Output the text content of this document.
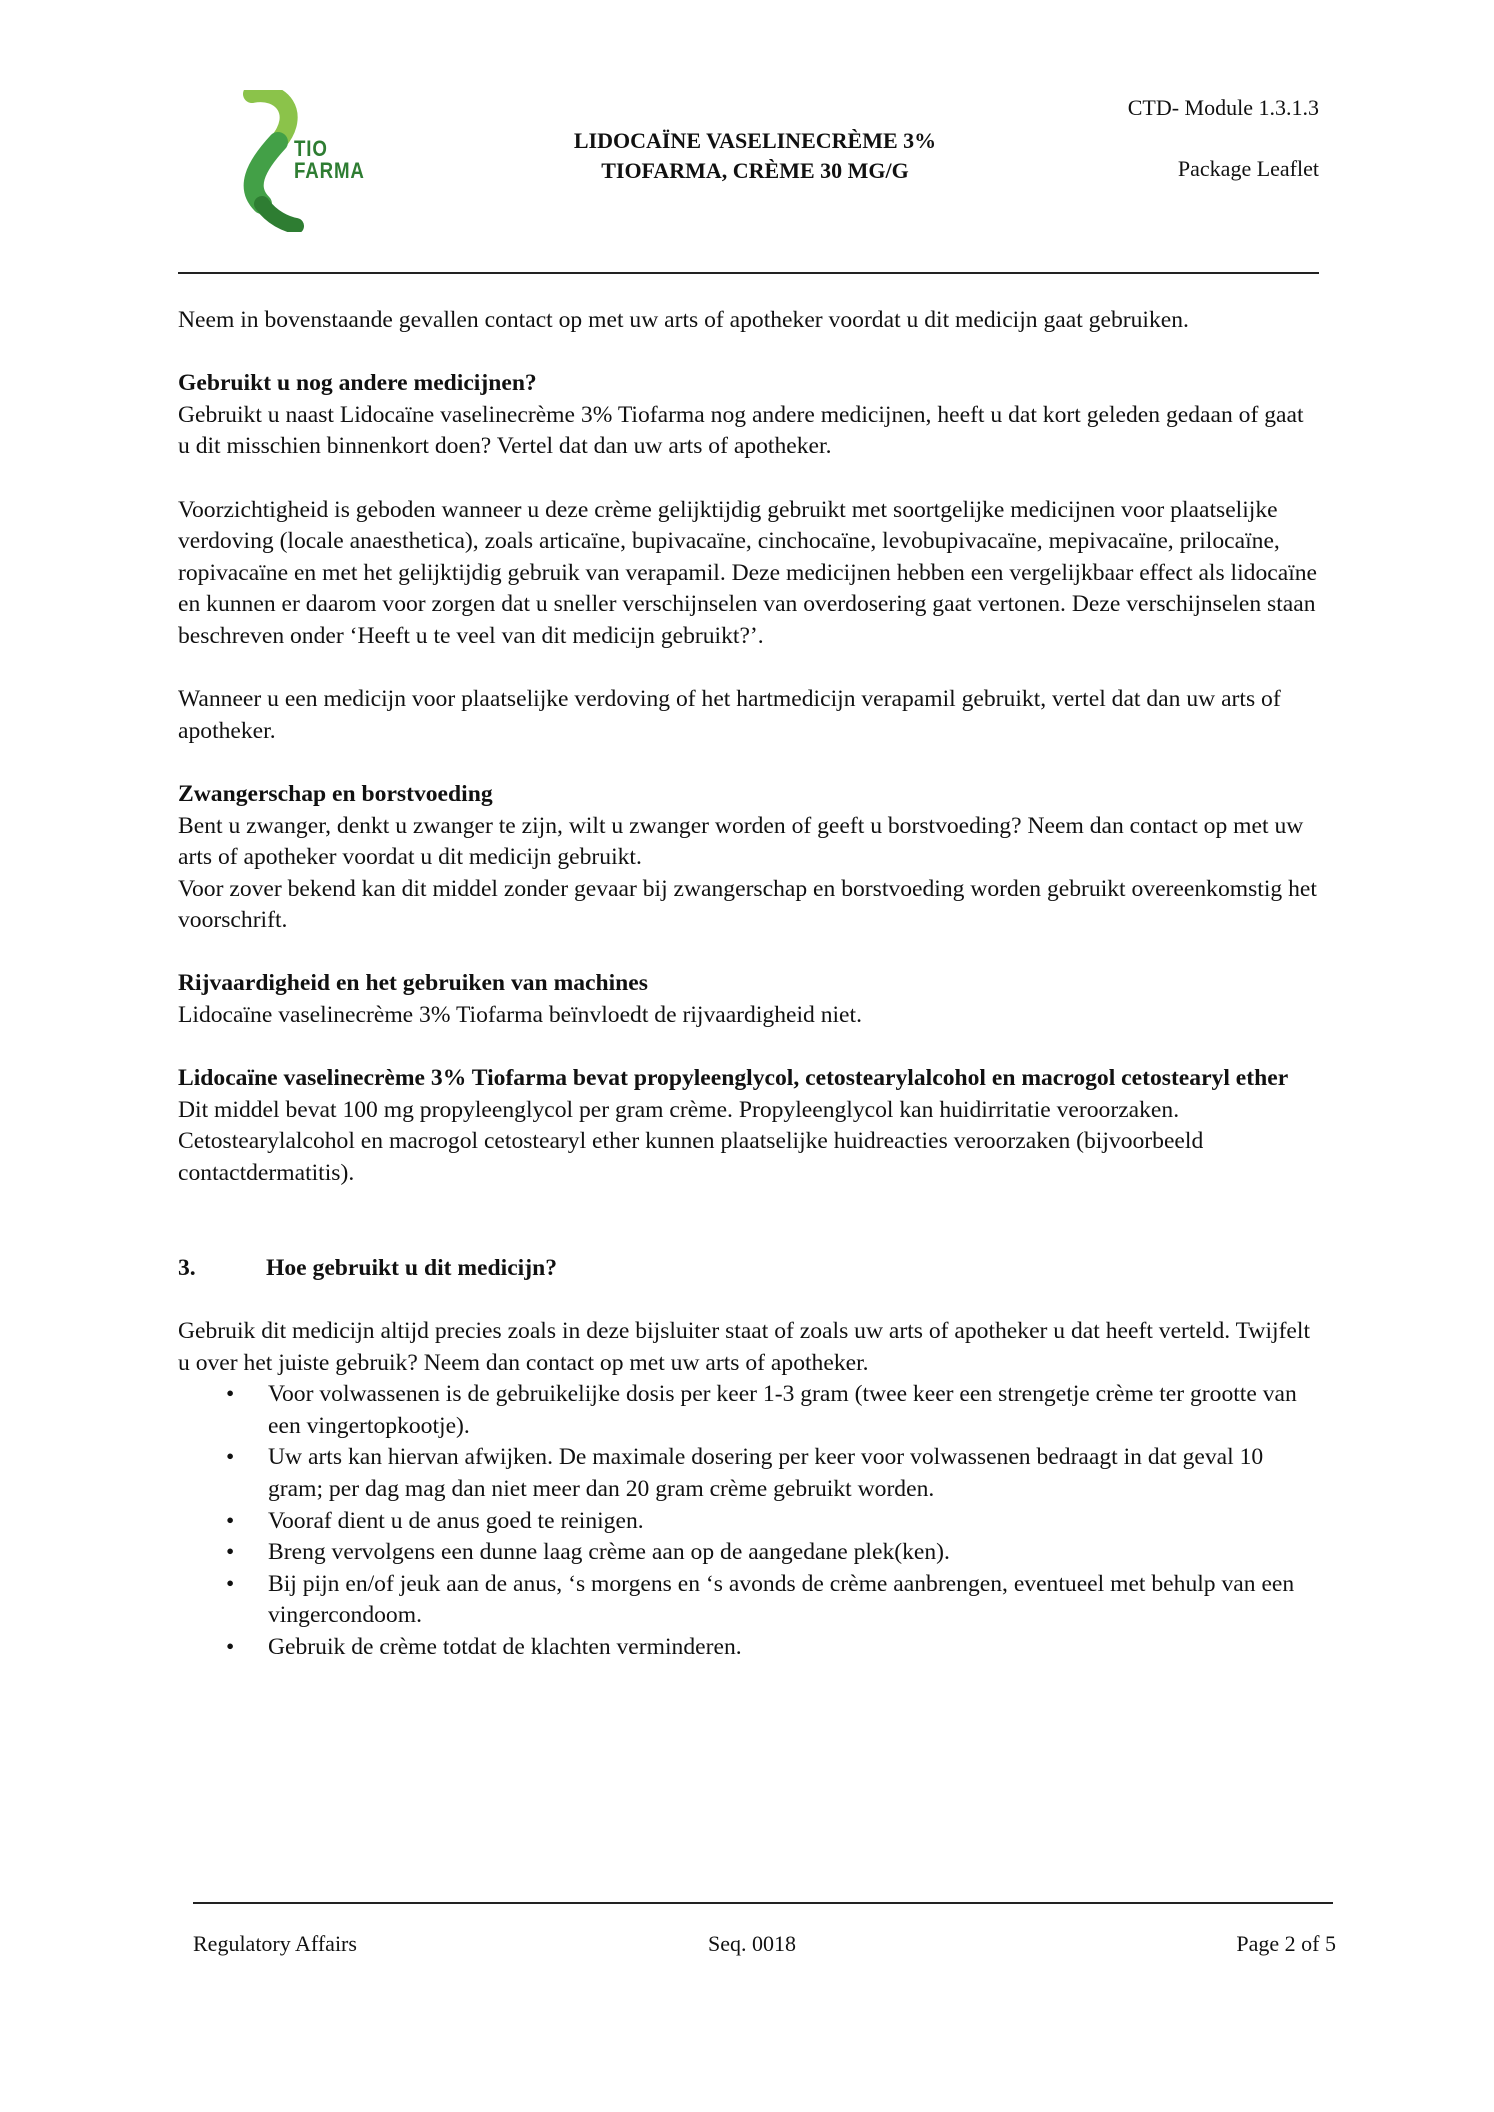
TIO
FARMA
LIDOCAÏNE VASELINECRÈME 3%
TIOFARMA, CRÈME 30 MG/G
CTD- Module 1.3.1.3
Package Leaflet

Neem in bovenstaande gevallen contact op met uw arts of apotheker voordat u dit medicijn gaat gebruiken.

Gebruikt u nog andere medicijnen?

Gebruikt u naast Lidocaïne vaselinecrème 3% Tiofarma nog andere medicijnen, heeft u dat kort geleden gedaan of gaat u dit misschien binnenkort doen? Vertel dat dan uw arts of apotheker.

Voorzichtigheid is geboden wanneer u deze crème gelijktijdig gebruikt met soortgelijke medicijnen voor plaatselijke verdoving (locale anaesthetica), zoals articaïne, bupivacaïne, cinchocaïne, levobupivacaïne, mepivacaïne, prilocaïne, ropivacaïne en met het gelijktijdig gebruik van verapamil. Deze medicijnen hebben een vergelijkbaar effect als lidocaïne en kunnen er daarom voor zorgen dat u sneller verschijnselen van overdosering gaat vertonen. Deze verschijnselen staan beschreven onder ‘Heeft u te veel van dit medicijn gebruikt?’.

Wanneer u een medicijn voor plaatselijke verdoving of het hartmedicijn verapamil gebruikt, vertel dat dan uw arts of apotheker.

Zwangerschap en borstvoeding

Bent u zwanger, denkt u zwanger te zijn, wilt u zwanger worden of geeft u borstvoeding? Neem dan contact op met uw arts of apotheker voordat u dit medicijn gebruikt.

Voor zover bekend kan dit middel zonder gevaar bij zwangerschap en borstvoeding worden gebruikt overeenkomstig het voorschrift.

Rijvaardigheid en het gebruiken van machines

Lidocaïne vaselinecrème 3% Tiofarma beïnvloedt de rijvaardigheid niet.

Lidocaïne vaselinecrème 3% Tiofarma bevat propyleenglycol, cetostearylalcohol en macrogol cetostearyl ether

Dit middel bevat 100 mg propyleenglycol per gram crème. Propyleenglycol kan huidirritatie veroorzaken.

Cetostearylalcohol en macrogol cetostearyl ether kunnen plaatselijke huidreacties veroorzaken (bijvoorbeeld contactdermatitis).

3.	Hoe gebruikt u dit medicijn?

Gebruik dit medicijn altijd precies zoals in deze bijsluiter staat of zoals uw arts of apotheker u dat heeft verteld. Twijfelt u over het juiste gebruik? Neem dan contact op met uw arts of apotheker.

• Voor volwassenen is de gebruikelijke dosis per keer 1-3 gram (twee keer een strengetje crème ter grootte van een vingertopkootje).
• Uw arts kan hiervan afwijken. De maximale dosering per keer voor volwassenen bedraagt in dat geval 10 gram; per dag mag dan niet meer dan 20 gram crème gebruikt worden.
• Vooraf dient u de anus goed te reinigen.
• Breng vervolgens een dunne laag crème aan op de aangedane plek(ken).
• Bij pijn en/of jeuk aan de anus, ‘s morgens en ‘s avonds de crème aanbrengen, eventueel met behulp van een vingercondoom.
• Gebruik de crème totdat de klachten verminderen.
Regulatory Affairs	Seq. 0018	Page 2 of 5
